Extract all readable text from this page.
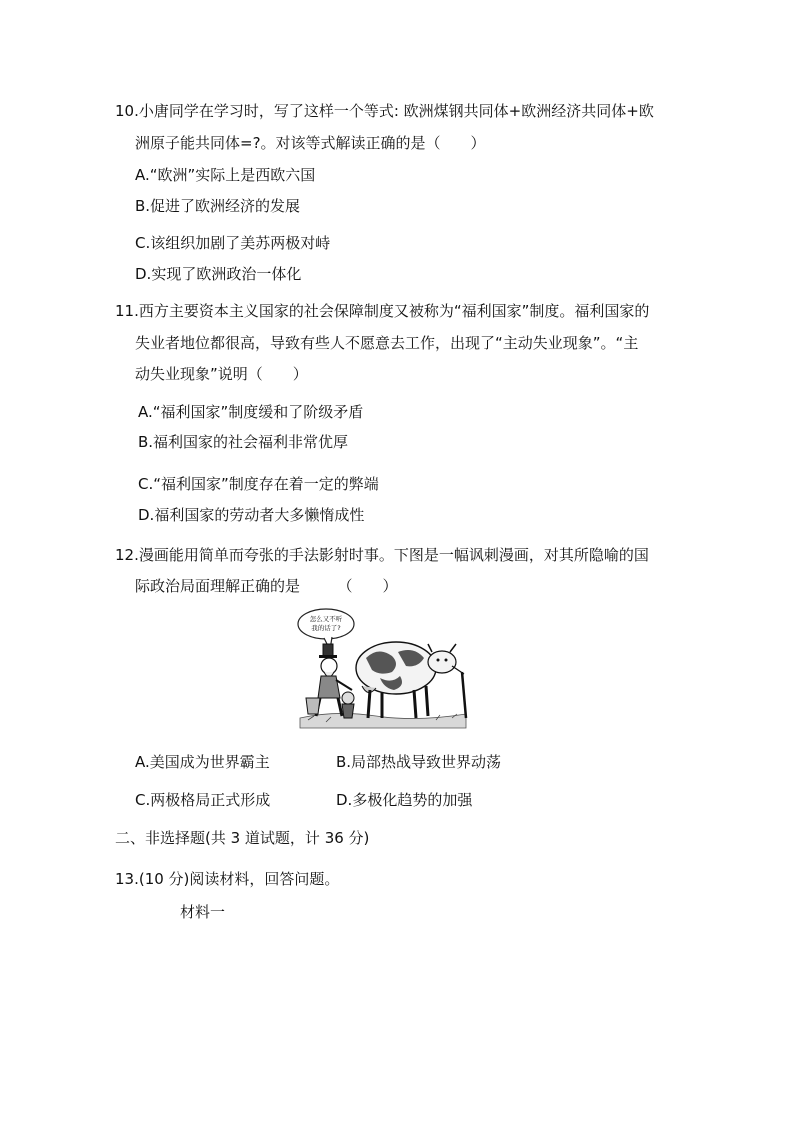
10.小唐同学在学习时，写了这样一个等式: 欧洲煤钢共同体+欧洲经济共同体+欧
洲原子能共同体=?。对该等式解读正确的是（　　）
A.“欧洲”实际上是西欧六国
B.促进了欧洲经济的发展
C.该组织加剧了美苏两极对峙
D.实现了欧洲政治一体化
11.西方主要资本主义国家的社会保障制度又被称为“福利国家”制度。福利国家的
失业者地位都很高，导致有些人不愿意去工作，出现了“主动失业现象”。“主
动失业现象”说明（　　）
A.“福利国家”制度缓和了阶级矛盾
B.福利国家的社会福利非常优厚
C.“福利国家”制度存在着一定的弊端
D.福利国家的劳动者大多懒惰成性
12.漫画能用简单而夸张的手法影射时事。下图是一幅讽刺漫画，对其所隐喻的国
际政治局面理解正确的是　　　（　　）
怎么又不听
我的话了?
A.美国成为世界霸主	B.局部热战导致世界动荡
C.两极格局正式形成	D.多极化趋势的加强
二、非选择题(共 3 道试题，计 36 分)
13.(10 分)阅读材料，回答问题。
材料一
